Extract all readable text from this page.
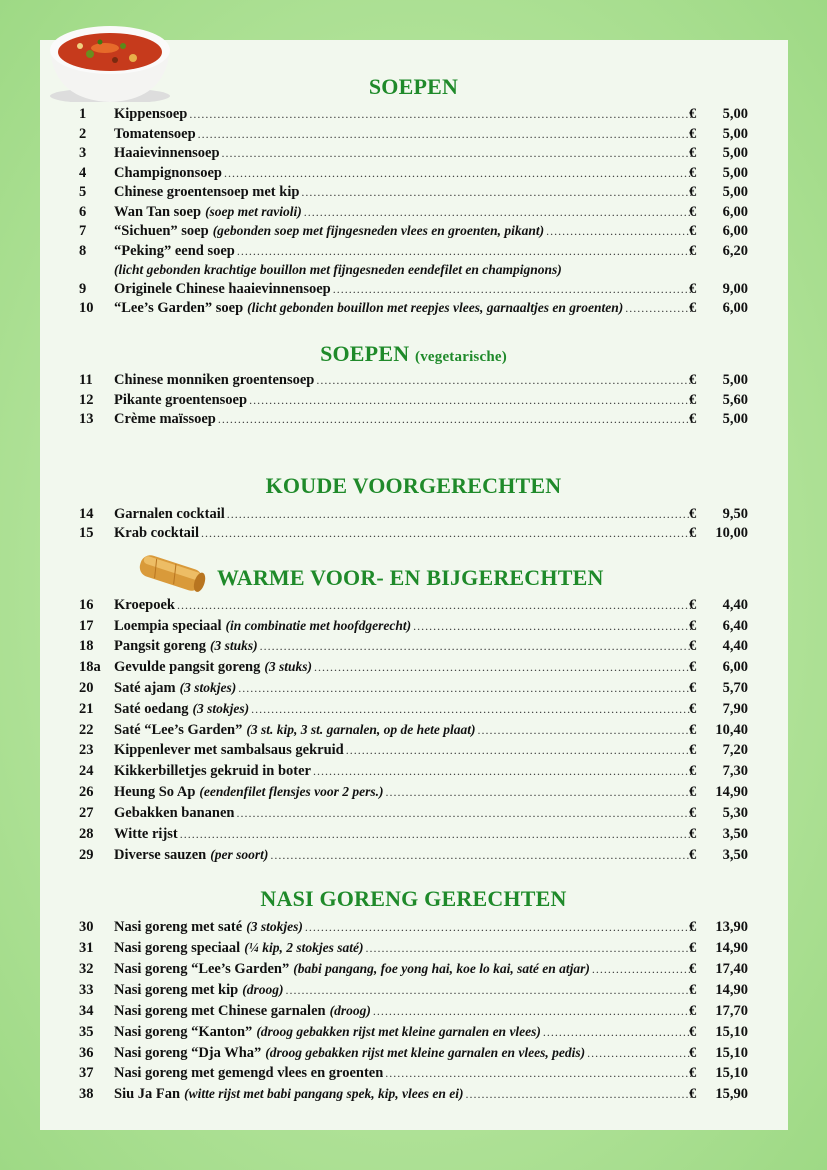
SOEPEN
1 Kippensoep .....	€	5,00
2 Tomatensoep .....	€	5,00
3 Haaievinnensoep .....	€	5,00
4 Champignonsoep .....	€	5,00
5 Chinese groentensoep met kip .....	€	5,00
6 Wan Tan soep (soep met ravioli) .....	€	6,00
7 “Sichuen” soep (gebonden soep met fijngesneden vlees en groenten, pikant) .....	€	6,00
8 “Peking” eend soep .....	€	6,20
(licht gebonden krachtige bouillon met fijngesneden eendefilet en champignons)
9 Originele Chinese haaievinnensoep .....	€	9,00
10 “Lee’s Garden” soep (licht gebonden bouillon met reepjes vlees, garnaaltjes en groenten) .....	€	6,00
SOEPEN (vegetarische)
11 Chinese monniken groentensoep .....	€	5,00
12 Pikante groentensoep .....	€	5,60
13 Crème maïssoep .....	€	5,00
KOUDE VOORGERECHTEN
14 Garnalen cocktail .....	€	9,50
15 Krab cocktail .....	€	10,00
WARME VOOR- EN BIJGERECHTEN
16 Kroepoek .....	€	4,40
17 Loempia speciaal (in combinatie met hoofdgerecht) .....	€	6,40
18 Pangsit goreng (3 stuks) .....	€	4,40
18a Gevulde pangsit goreng (3 stuks) .....	€	6,00
20 Saté ajam (3 stokjes) .....	€	5,70
21 Saté oedang (3 stokjes) .....	€	7,90
22 Saté “Lee’s Garden” (3 st. kip, 3 st. garnalen, op de hete plaat) .....	€	10,40
23 Kippenlever met sambalsaus gekruid .....	€	7,20
24 Kikkerbilletjes gekruid in boter .....	€	7,30
26 Heung So Ap (eendenfilet flensjes voor 2 pers.) .....	€	14,90
27 Gebakken bananen .....	€	5,30
28 Witte rijst .....	€	3,50
29 Diverse sauzen (per soort) .....	€	3,50
NASI GORENG GERECHTEN
30 Nasi goreng met saté (3 stokjes) .....	€	13,90
31 Nasi goreng speciaal (¼ kip, 2 stokjes saté) .....	€	14,90
32 Nasi goreng “Lee’s Garden” (babi pangang, foe yong hai, koe lo kai, saté en atjar) .....	€	17,40
33 Nasi goreng met kip (droog) .....	€	14,90
34 Nasi goreng met Chinese garnalen (droog) .....	€	17,70
35 Nasi goreng “Kanton” (droog gebakken rijst met kleine garnalen en vlees) .....	€	15,10
36 Nasi goreng “Dja Wha” (droog gebakken rijst met kleine garnalen en vlees, pedis) .....	€	15,10
37 Nasi goreng met gemengd vlees en groenten .....	€	15,10
38 Siu Ja Fan (witte rijst met babi pangang spek, kip, vlees en ei) .....	€	15,90
